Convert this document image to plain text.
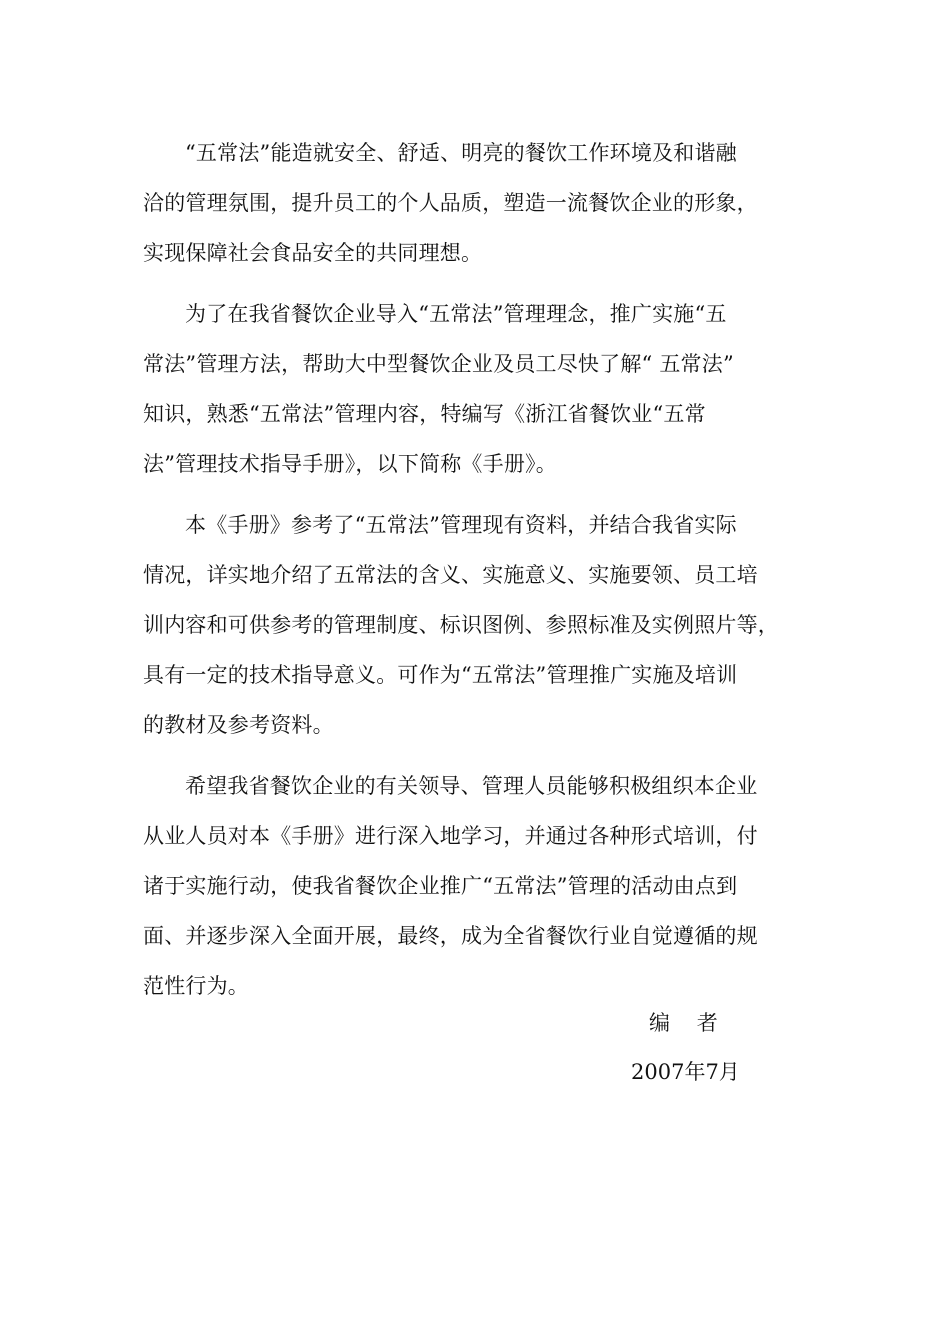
“五常法”能造就安全、舒适、明亮的餐饮工作环境及和谐融
洽的管理氛围，提升员工的个人品质，塑造一流餐饮企业的形象，
实现保障社会食品安全的共同理想。

为了在我省餐饮企业导入“五常法”管理理念，推广实施“五
常法”管理方法，帮助大中型餐饮企业及员工尽快了解“ 五常法”
知识，熟悉“五常法”管理内容，特编写《浙江省餐饮业“五常
法”管理技术指导手册》，以下简称《手册》。

本《手册》参考了“五常法”管理现有资料，并结合我省实际
情况，详实地介绍了五常法的含义、实施意义、实施要领、员工培
训内容和可供参考的管理制度、标识图例、参照标准及实例照片等，
具有一定的技术指导意义。可作为“五常法”管理推广实施及培训
的教材及参考资料。

希望我省餐饮企业的有关领导、管理人员能够积极组织本企业
从业人员对本《手册》进行深入地学习，并通过各种形式培训，付
诸于实施行动，使我省餐饮企业推广“五常法”管理的活动由点到
面、并逐步深入全面开展，最终，成为全省餐饮行业自觉遵循的规
范性行为。

编    者
2007年7月
